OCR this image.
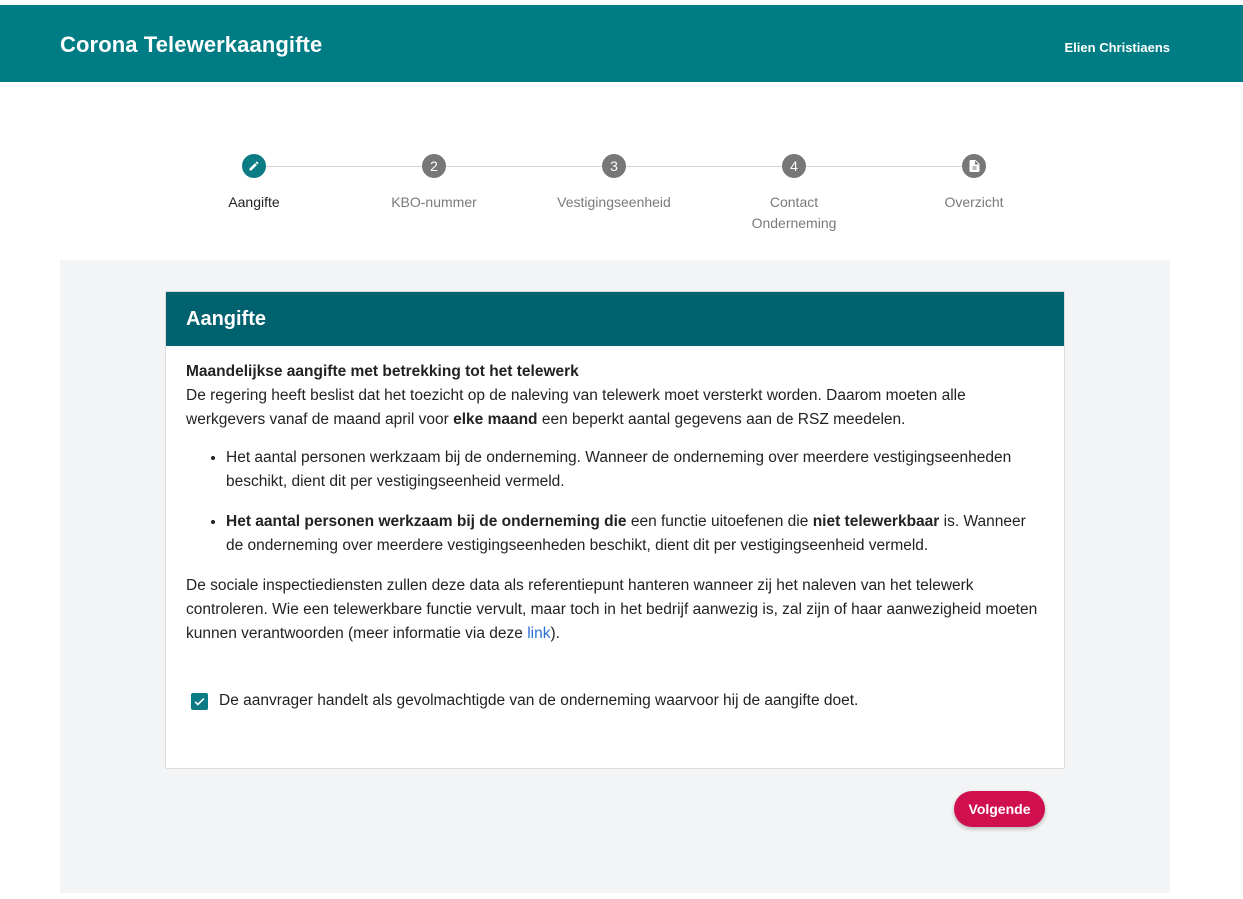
Corona Telewerkaangifte	Elien Christiaens
Aangifte
2
KBO-nummer
3
Vestigingseenheid
4
Contact
Onderneming
Overzicht
Aangifte

Maandelijkse aangifte met betrekking tot het telewerk

De regering heeft beslist dat het toezicht op de naleving van telewerk moet versterkt worden. Daarom moeten alle werkgevers vanaf de maand april voor elke maand een beperkt aantal gegevens aan de RSZ meedelen.

• Het aantal personen werkzaam bij de onderneming. Wanneer de onderneming over meerdere vestigingseenheden beschikt, dient dit per vestigingseenheid vermeld.
• Het aantal personen werkzaam bij de onderneming die een functie uitoefenen die niet telewerkbaar is. Wanneer de onderneming over meerdere vestigingseenheden beschikt, dient dit per vestigingseenheid vermeld.

De sociale inspectiediensten zullen deze data als referentiepunt hanteren wanneer zij het naleven van het telewerk controleren. Wie een telewerkbare functie vervult, maar toch in het bedrijf aanwezig is, zal zijn of haar aanwezigheid moeten kunnen verantwoorden (meer informatie via deze link).

De aanvrager handelt als gevolmachtigde van de onderneming waarvoor hij de aangifte doet.
Volgende
